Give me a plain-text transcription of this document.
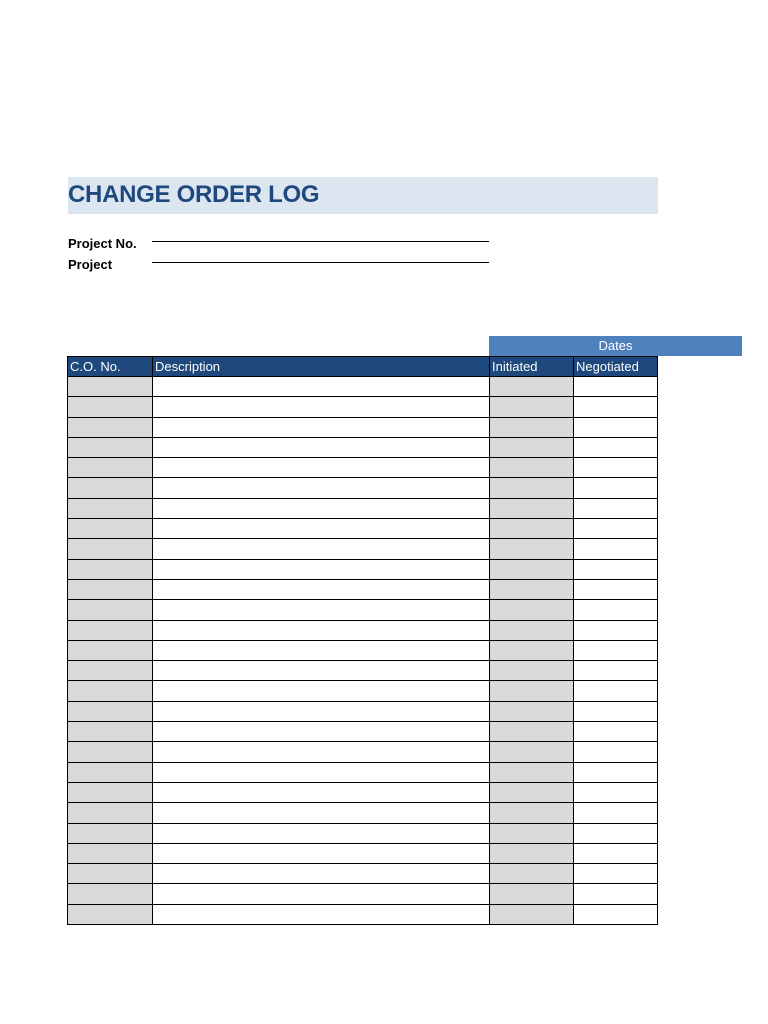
CHANGE ORDER LOG
Project No.
Project
Dates
C.O. No.	Description	Initiated	Negotiated
